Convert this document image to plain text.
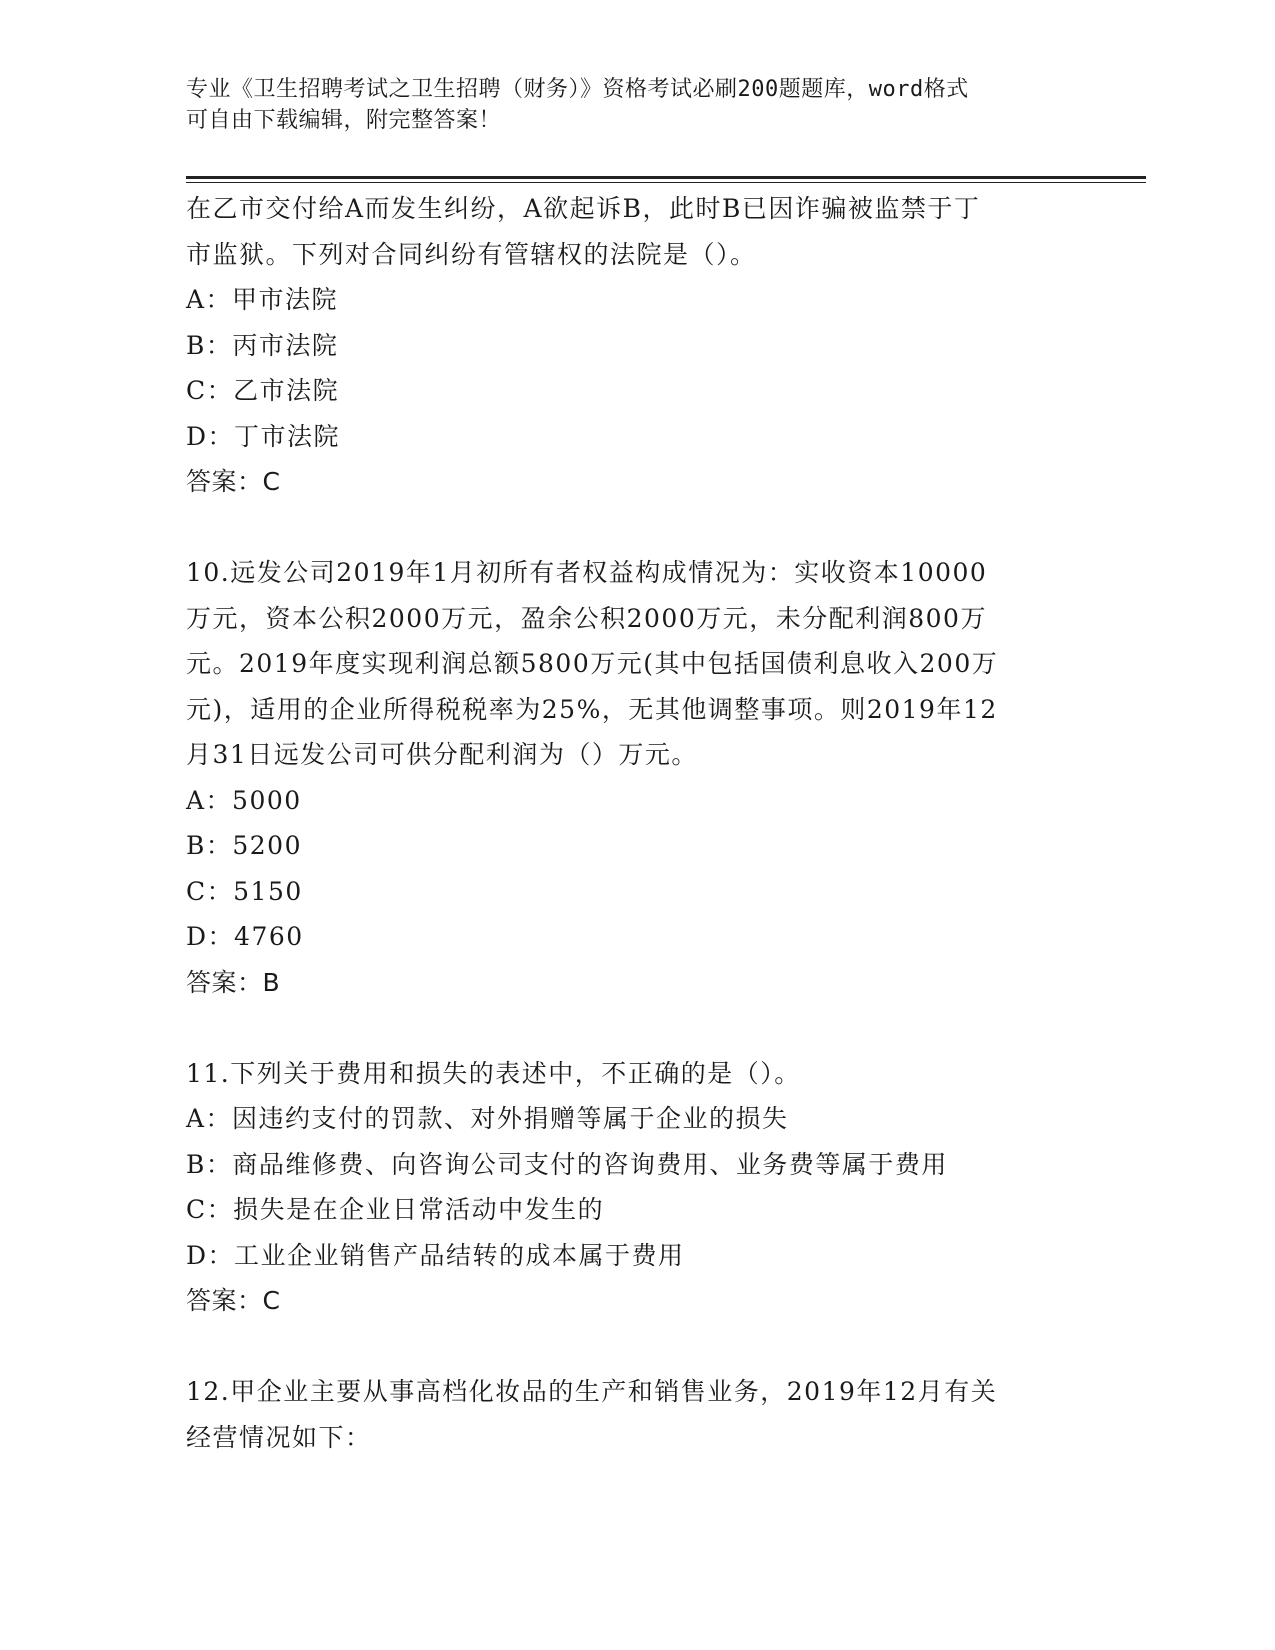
专业《卫生招聘考试之卫生招聘（财务）》资格考试必刷200题题库，word格式
可自由下载编辑，附完整答案！
在乙市交付给A而发生纠纷，A欲起诉B，此时B已因诈骗被监禁于丁
市监狱。下列对合同纠纷有管辖权的法院是（）。
A：甲市法院
B：丙市法院
C：乙市法院
D：丁市法院
答案：C
10.远发公司2019年1月初所有者权益构成情况为：实收资本10000
万元，资本公积2000万元，盈余公积2000万元，未分配利润800万
元。2019年度实现利润总额5800万元(其中包括国债利息收入200万
元)，适用的企业所得税税率为25%，无其他调整事项。则2019年12
月31日远发公司可供分配利润为（）万元。
A：5000
B：5200
C：5150
D：4760
答案：B
11.下列关于费用和损失的表述中，不正确的是（）。
A：因违约支付的罚款、对外捐赠等属于企业的损失
B：商品维修费、向咨询公司支付的咨询费用、业务费等属于费用
C：损失是在企业日常活动中发生的
D：工业企业销售产品结转的成本属于费用
答案：C
12.甲企业主要从事高档化妆品的生产和销售业务，2019年12月有关
经营情况如下：
